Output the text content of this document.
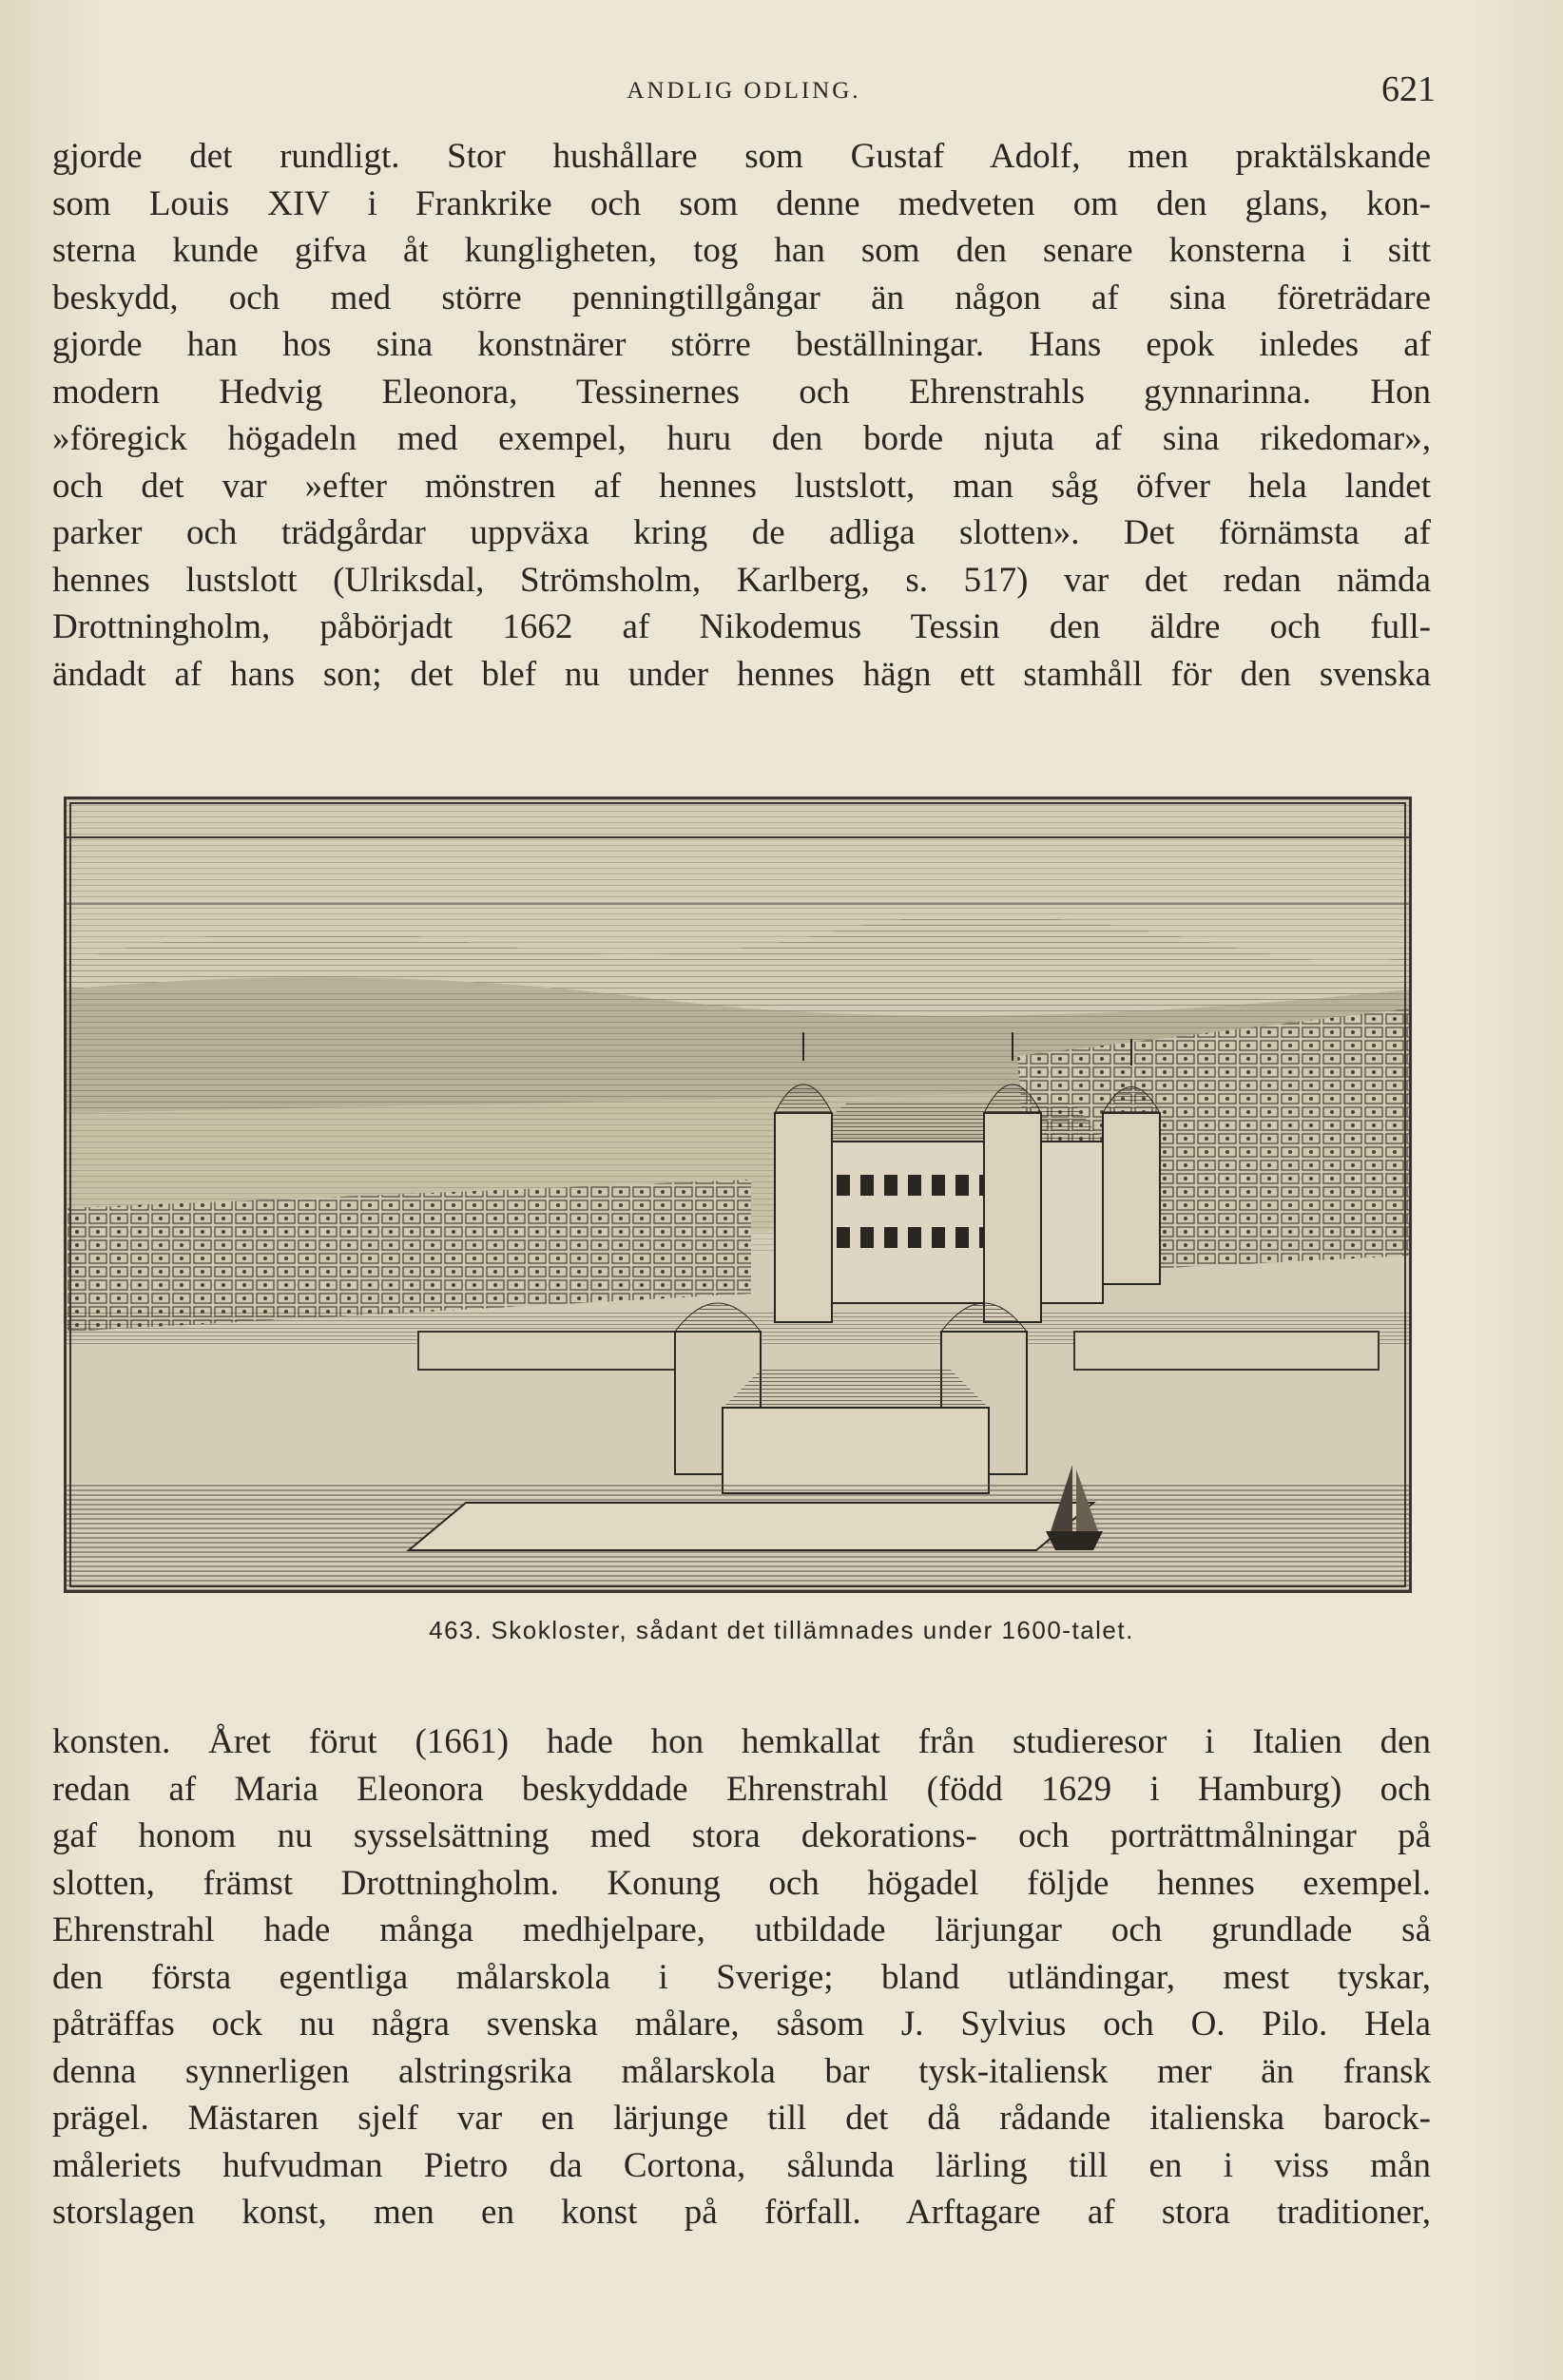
ANDLIG ODLING.	621
gjorde det rundligt. Stor hushållare som Gustaf Adolf, men praktälskande
som Louis XIV i Frankrike och som denne medveten om den glans, kon-
sterna kunde gifva åt kungligheten, tog han som den senare konsterna i sitt
beskydd, och med större penningtillgångar än någon af sina företrädare
gjorde han hos sina konstnärer större beställningar. Hans epok inledes af
modern Hedvig Eleonora, Tessinernes och Ehrenstrahls gynnarinna. Hon
»föregick högadeln med exempel, huru den borde njuta af sina rikedomar»,
och det var »efter mönstren af hennes lustslott, man såg öfver hela landet
parker och trädgårdar uppväxa kring de adliga slotten». Det förnämsta af
hennes lustslott (Ulriksdal, Strömsholm, Karlberg, s. 517) var det redan nämda
Drottningholm, påbörjadt 1662 af Nikodemus Tessin den äldre och full-
ändadt af hans son; det blef nu under hennes hägn ett stamhåll för den svenska
463. Skokloster, sådant det tillämnades under 1600-talet.
konsten. Året förut (1661) hade hon hemkallat från studieresor i Italien den
redan af Maria Eleonora beskyddade Ehrenstrahl (född 1629 i Hamburg) och
gaf honom nu sysselsättning med stora dekorations- och porträttmålningar på
slotten, främst Drottningholm. Konung och högadel följde hennes exempel.
Ehrenstrahl hade många medhjelpare, utbildade lärjungar och grundlade så
den första egentliga målarskola i Sverige; bland utländingar, mest tyskar,
påträffas ock nu några svenska målare, såsom J. Sylvius och O. Pilo. Hela
denna synnerligen alstringsrika målarskola bar tysk-italiensk mer än fransk
prägel. Mästaren sjelf var en lärjunge till det då rådande italienska barock-
måleriets hufvudman Pietro da Cortona, sålunda lärling till en i viss mån
storslagen konst, men en konst på förfall. Arftagare af stora traditioner,
